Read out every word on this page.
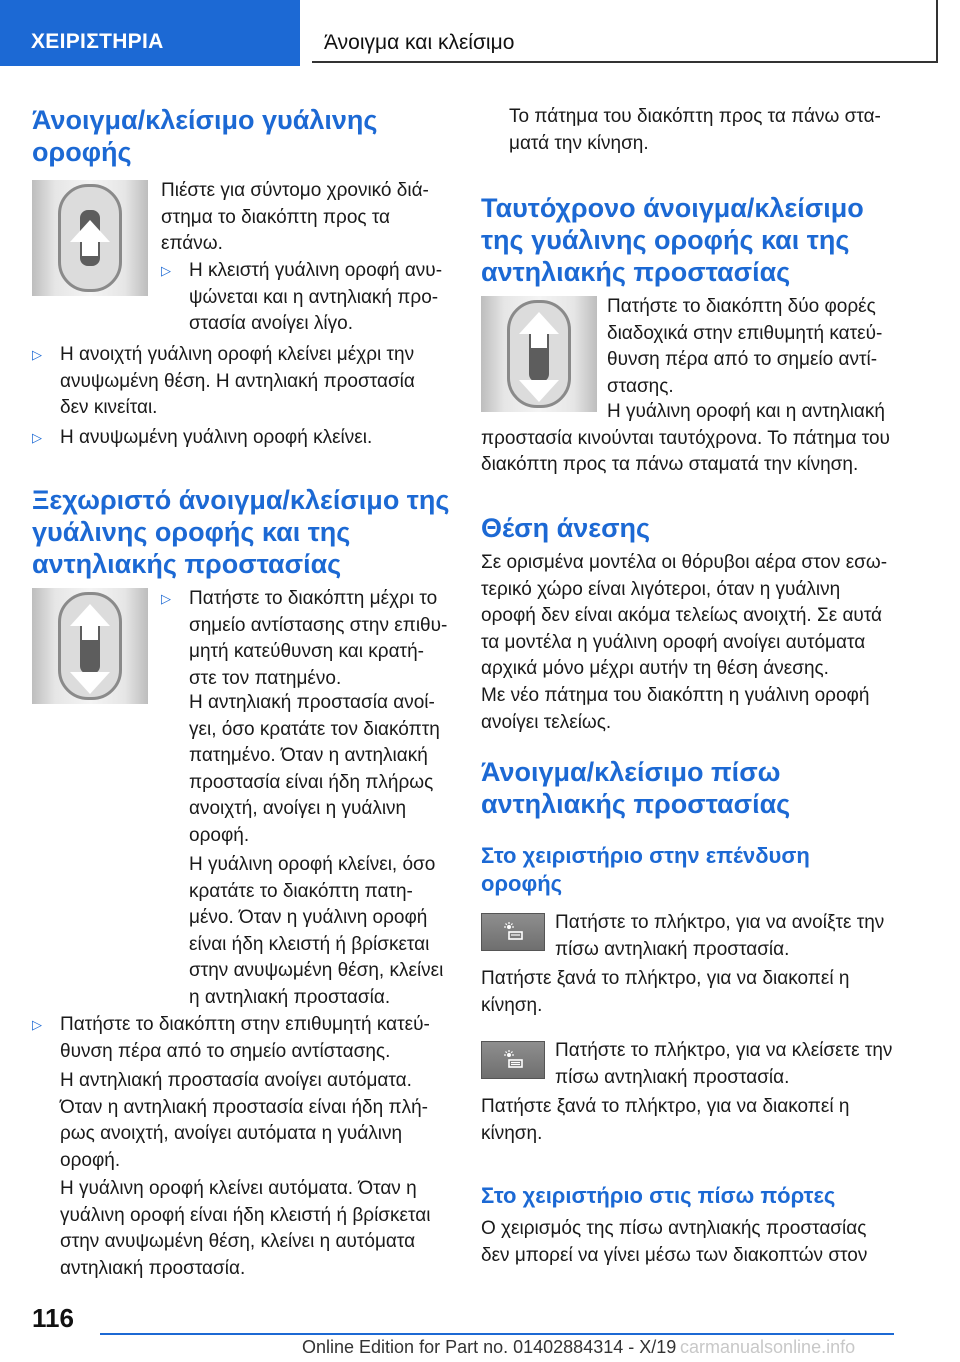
ΧΕΙΡΙΣΤΗΡΙΑ	Άνοιγμα και κλείσιμο
Άνοιγμα/κλείσιμο γυάλινης
οροφής
Πιέστε για σύντομο χρονικό διά-
στημα το διακόπτη προς τα
επάνω.
▷ Η κλειστή γυάλινη οροφή ανυ-
ψώνεται και η αντηλιακή προ-
στασία ανοίγει λίγο.
▷ Η ανοιχτή γυάλινη οροφή κλείνει μέχρι την
ανυψωμένη θέση. Η αντηλιακή προστασία
δεν κινείται.
▷ Η ανυψωμένη γυάλινη οροφή κλείνει.
Ξεχωριστό άνοιγμα/κλείσιμο της
γυάλινης οροφής και της
αντηλιακής προστασίας
▷ Πατήστε το διακόπτη μέχρι το
σημείο αντίστασης στην επιθυ-
μητή κατεύθυνση και κρατή-
στε τον πατημένο.
Η αντηλιακή προστασία ανοί-
γει, όσο κρατάτε τον διακόπτη
πατημένο. Όταν η αντηλιακή
προστασία είναι ήδη πλήρως
ανοιχτή, ανοίγει η γυάλινη
οροφή.
Η γυάλινη οροφή κλείνει, όσο
κρατάτε το διακόπτη πατη-
μένο. Όταν η γυάλινη οροφή
είναι ήδη κλειστή ή βρίσκεται
στην ανυψωμένη θέση, κλείνει
η αντηλιακή προστασία.
▷ Πατήστε το διακόπτη στην επιθυμητή κατεύ-
θυνση πέρα από το σημείο αντίστασης.
Η αντηλιακή προστασία ανοίγει αυτόματα.
Όταν η αντηλιακή προστασία είναι ήδη πλή-
ρως ανοιχτή, ανοίγει αυτόματα η γυάλινη
οροφή.
Η γυάλινη οροφή κλείνει αυτόματα. Όταν η
γυάλινη οροφή είναι ήδη κλειστή ή βρίσκεται
στην ανυψωμένη θέση, κλείνει η αυτόματα
αντηλιακή προστασία.
Το πάτημα του διακόπτη προς τα πάνω στα-
ματά την κίνηση.
Ταυτόχρονο άνοιγμα/κλείσιμο
της γυάλινης οροφής και της
αντηλιακής προστασίας
Πατήστε το διακόπτη δύο φορές
διαδοχικά στην επιθυμητή κατεύ-
θυνση πέρα από το σημείο αντί-
στασης.
Η γυάλινη οροφή και η αντηλιακή
προστασία κινούνται ταυτόχρονα. Το πάτημα του
διακόπτη προς τα πάνω σταματά την κίνηση.
Θέση άνεσης
Σε ορισμένα μοντέλα οι θόρυβοι αέρα στον εσω-
τερικό χώρο είναι λιγότεροι, όταν η γυάλινη
οροφή δεν είναι ακόμα τελείως ανοιχτή. Σε αυτά
τα μοντέλα η γυάλινη οροφή ανοίγει αυτόματα
αρχικά μόνο μέχρι αυτήν τη θέση άνεσης.
Με νέο πάτημα του διακόπτη η γυάλινη οροφή
ανοίγει τελείως.
Άνοιγμα/κλείσιμο πίσω
αντηλιακής προστασίας
Στο χειριστήριο στην επένδυση
οροφής
Πατήστε το πλήκτρο, για να ανοίξτε την
πίσω αντηλιακή προστασία.
Πατήστε ξανά το πλήκτρο, για να διακοπεί η
κίνηση.
Πατήστε το πλήκτρο, για να κλείσετε την
πίσω αντηλιακή προστασία.
Πατήστε ξανά το πλήκτρο, για να διακοπεί η
κίνηση.
Στο χειριστήριο στις πίσω πόρτες
Ο χειρισμός της πίσω αντηλιακής προστασίας
δεν μπορεί να γίνει μέσω των διακοπτών στον
116
Online Edition for Part no. 01402884314 - X/19 carmanualsonline.info
